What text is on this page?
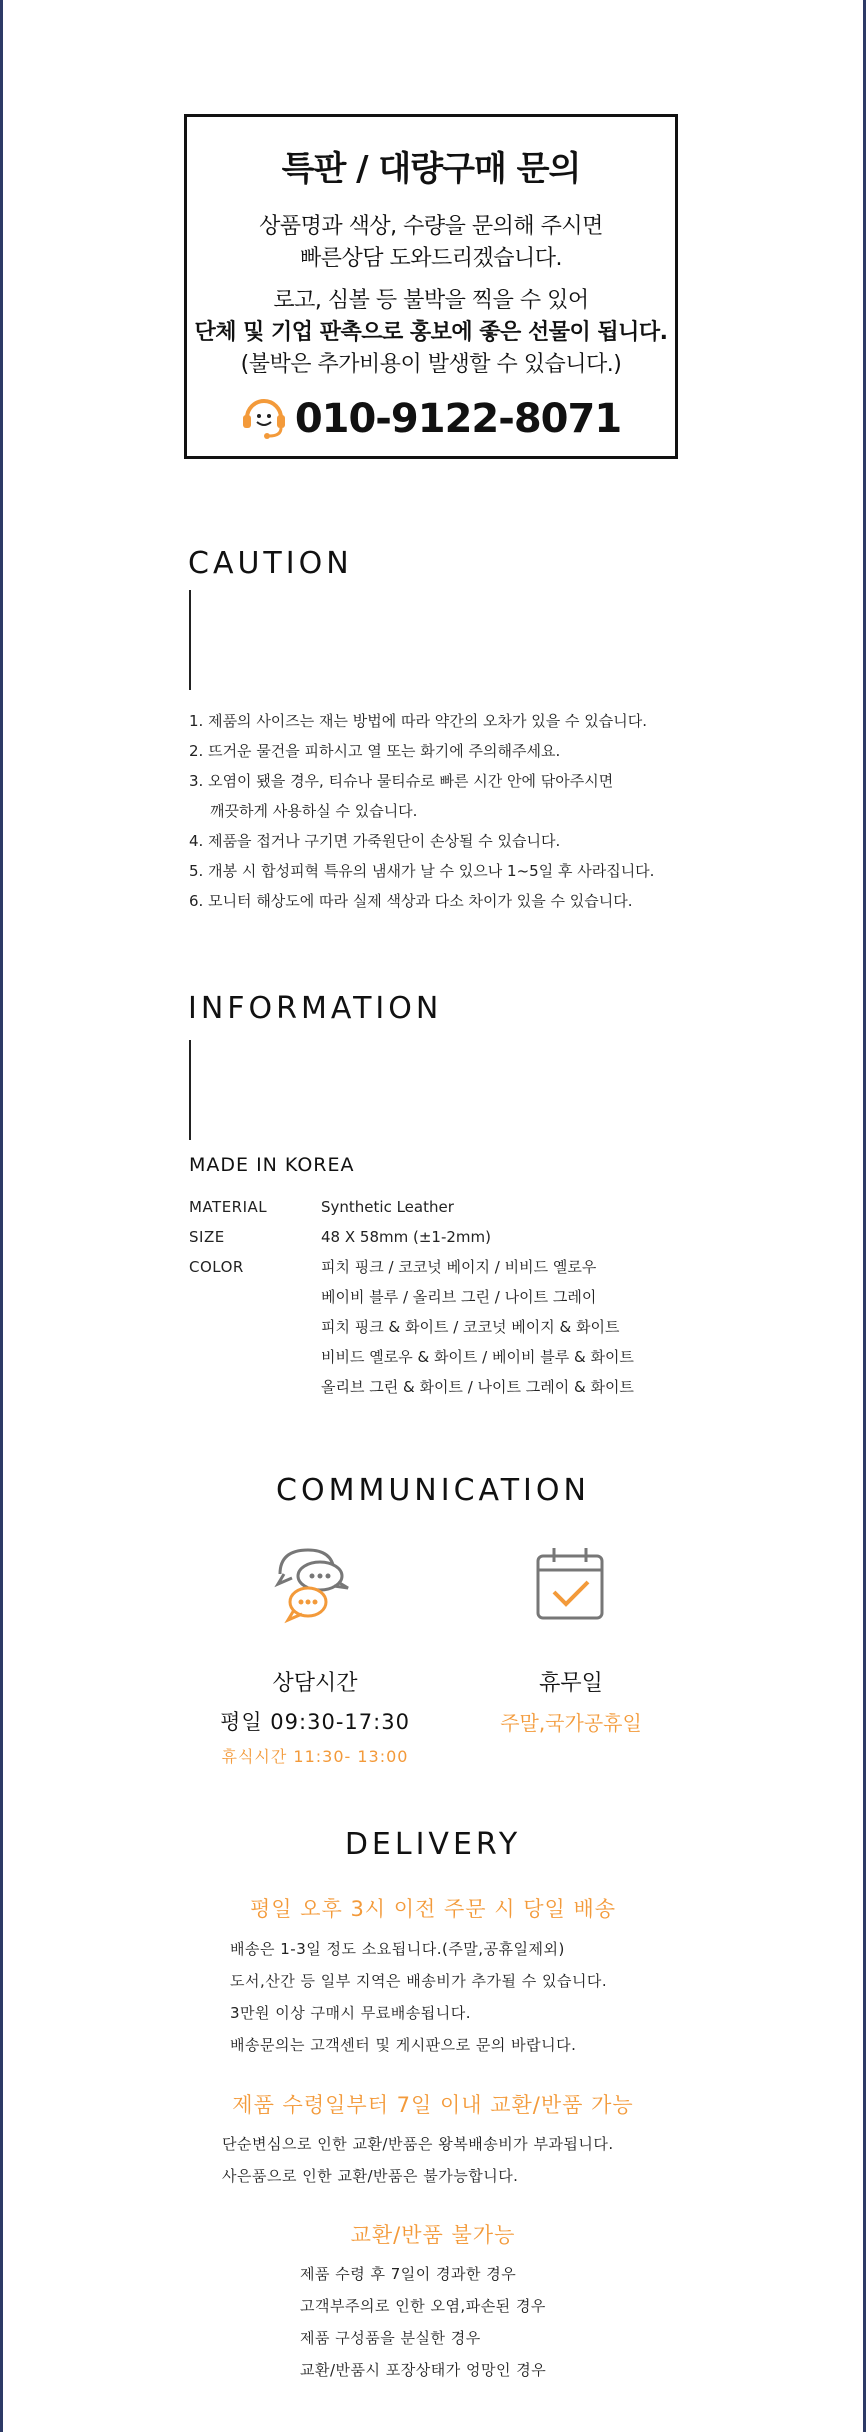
특판 / 대량구매 문의
상품명과 색상, 수량을 문의해 주시면
빠른상담 도와드리겠습니다.
로고, 심볼 등 불박을 찍을 수 있어
단체 및 기업 판촉으로 홍보에 좋은 선물이 됩니다.
(불박은 추가비용이 발생할 수 있습니다.)
010-9122-8071
CAUTION
1. 제품의 사이즈는 재는 방법에 따라 약간의 오차가 있을 수 있습니다.
2. 뜨거운 물건을 피하시고 열 또는 화기에 주의해주세요.
3. 오염이 됐을 경우, 티슈나 물티슈로 빠른 시간 안에 닦아주시면
깨끗하게 사용하실 수 있습니다.
4. 제품을 접거나 구기면 가죽원단이 손상될 수 있습니다.
5. 개봉 시 합성피혁 특유의 냄새가 날 수 있으나 1~5일 후 사라집니다.
6. 모니터 해상도에 따라 실제 색상과 다소 차이가 있을 수 있습니다.
INFORMATION
MADE IN KOREA
MATERIAL	Synthetic Leather
SIZE	48 X 58mm (±1-2mm)
COLOR	피치 핑크 / 코코넛 베이지 / 비비드 옐로우
베이비 블루 / 올리브 그린 / 나이트 그레이
피치 핑크 & 화이트 / 코코넛 베이지 & 화이트
비비드 옐로우 & 화이트 / 베이비 블루 & 화이트
올리브 그린 & 화이트 / 나이트 그레이 & 화이트
COMMUNICATION
상담시간
평일 09:30-17:30
휴식시간 11:30- 13:00
휴무일
주말,국가공휴일
DELIVERY
평일 오후 3시 이전 주문 시 당일 배송
배송은 1-3일 정도 소요됩니다.(주말,공휴일제외)
도서,산간 등 일부 지역은 배송비가 추가될 수 있습니다.
3만원 이상 구매시 무료배송됩니다.
배송문의는 고객센터 및 게시판으로 문의 바랍니다.
제품 수령일부터 7일 이내 교환/반품 가능
단순변심으로 인한 교환/반품은 왕복배송비가 부과됩니다.
사은품으로 인한 교환/반품은 불가능합니다.
교환/반품 불가능
제품 수령 후 7일이 경과한 경우
고객부주의로 인한 오염,파손된 경우
제품 구성품을 분실한 경우
교환/반품시 포장상태가 엉망인 경우
